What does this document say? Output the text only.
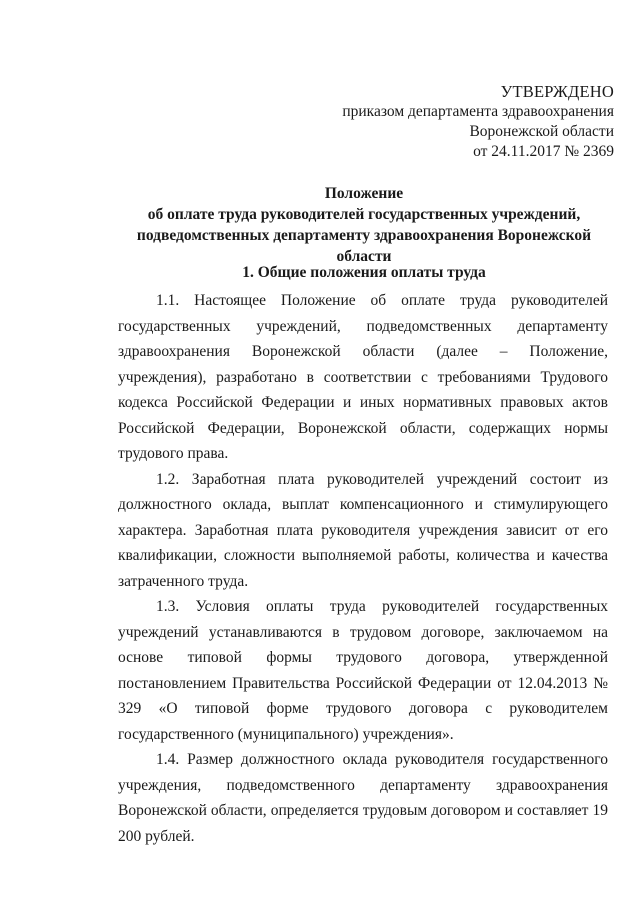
УТВЕРЖДЕНО
приказом департамента здравоохранения
Воронежской области
от 24.11.2017 № 2369
Положение
об оплате труда руководителей государственных учреждений,
подведомственных департаменту здравоохранения Воронежской области
1. Общие положения оплаты труда

1.1. Настоящее Положение об оплате труда руководителей государственных учреждений, подведомственных департаменту здравоохранения Воронежской области (далее – Положение, учреждения), разработано в соответствии с требованиями Трудового кодекса Российской Федерации и иных нормативных правовых актов Российской Федерации, Воронежской области, содержащих нормы трудового права.

1.2. Заработная плата руководителей учреждений состоит из должностного оклада, выплат компенсационного и стимулирующего характера. Заработная плата руководителя учреждения зависит от его квалификации, сложности выполняемой работы, количества и качества затраченного труда.

1.3. Условия оплаты труда руководителей государственных учреждений устанавливаются в трудовом договоре, заключаемом на основе типовой формы трудового договора, утвержденной постановлением Правительства Российской Федерации от 12.04.2013 № 329 «О типовой форме трудового договора с руководителем государственного (муниципального) учреждения».

1.4. Размер должностного оклада руководителя государственного учреждения, подведомственного департаменту здравоохранения Воронежской области, определяется трудовым договором и составляет 19 200 рублей.
